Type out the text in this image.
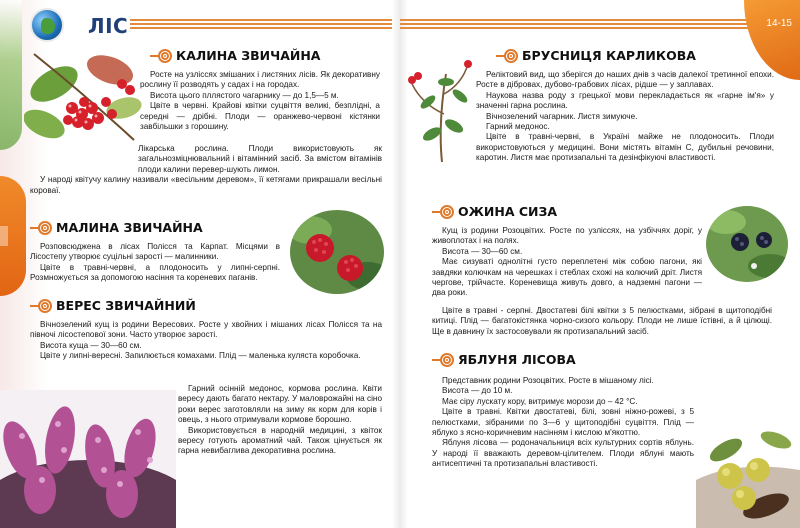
ЛІС	14-15
КАЛИНА ЗВИЧАЙНА

Росте на узліссях змішаних і листяних лісів. Як декоративну рослину її розводять у садах і на городах.

Висота цього пллястого чагарнику — до 1,5—5 м.

Цвіте в червні. Крайові квітки суцвіття великі, безплідні, а середні — дрібні. Плоди — оранжево-червоні кістянки завбільшки з горошину.

Лікарська рослина. Плоди використовують як загальнозміцнювальний і вітамінний засіб. За вмістом вітамінів плоди калини перевер-шують лимон.

У народі квітучу калину називали «весільним деревом», її кетягами прикрашали весільні короваї.

МАЛИНА ЗВИЧАЙНА

Розповсюджена в лісах Полісся та Карпат. Місцями в Лісостепу утворює суцільні зарості — малинники.

Цвіте в травні-червні, а плодоносить у липні-серпні. Розмножується за допомогою насіння та кореневих паганів.

ВЕРЕС ЗВИЧАЙНИЙ

Вічнозелений кущ із родини Вересових. Росте у хвойних і мішаних лісах Полісся та на півночі лісостепової зони. Часто утворює зарості.

Висота куща — 30—60 см.

Цвіте у липні-вересні. Запилюється комахами. Плід — маленька кулястa коробочка.

Гарний осінній медонос, кормова рослина. Квіти вересу дають багато нектару. У маловрожайні на сіно роки верес заготовляли на зиму як корм для корів і овець, з нього отримували кормове борошно.

Використовується в народній медицині, з квіток вересу готують ароматний чай. Також цінується як гарна невибаглива декоративна рослина.

БРУСНИЦЯ КАРЛИКОВА

Реліктовий вид, що зберігся до наших днів з часів далекої третинної епохи. Росте в дібровах, дубово-грабових лісах, рідше — у заплавах.

Наукова назва роду з грецької мови перекладається як «гарне ім'я» у значенні гарна рослина.

Вічнозелений чагарник. Листя зимуюче.

Гарний медонос.

Цвіте в травні-червні, в Україні майже не плодоносить. Плоди використовуються у медицині. Вони містять вітамін С, дубильні речовини, каротин. Листя має протизапальні та дезінфікуючі властивості.

ОЖИНА СИЗА

Кущ із родини Розоцвітих. Росте по узліссях, на узбіччях доріг, у живоплотах і на полях.

Висота — 30—60 см.

Має сизуваті однолітні густо переплетені між собою пагони, які завдяки колючкам на черешках і стеблах схожі на колючий дріт. Листя чергове, трійчасте. Кореневища живуть довго, а надземні пагони — два роки.

Цвіте в травні - серпні. Двостатеві білі квітки з 5 пелюстками, зібрані в щитоподібні китиці. Плід — багатокістянка чорно-сизого кольору. Плоди не лише їстівні, а й цілющі. Ще в давнину їх застосовували як протизапальний засіб.

ЯБЛУНЯ ЛІСОВА

Представник родини Розоцвітих. Росте в мішаному лісі.

Висота — до 10 м.

Має сіру лускату кору, витримує морози до – 42 °С.

Цвіте в травні. Квітки двостатеві, білі, зовні ніжно-рожеві, з 5 пелюстками, зібраними по 3—6 у щитоподібні суцвіття. Плід — яблуко з ясно-коричневим насінням і кислою м'якоттю.

Яблуня лісова — родоначальниця всіх культурних сортів яблунь. У народі її вважають деревом-цілителем. Плоди яблуні мають антисептичні та протизапальні властивості.
